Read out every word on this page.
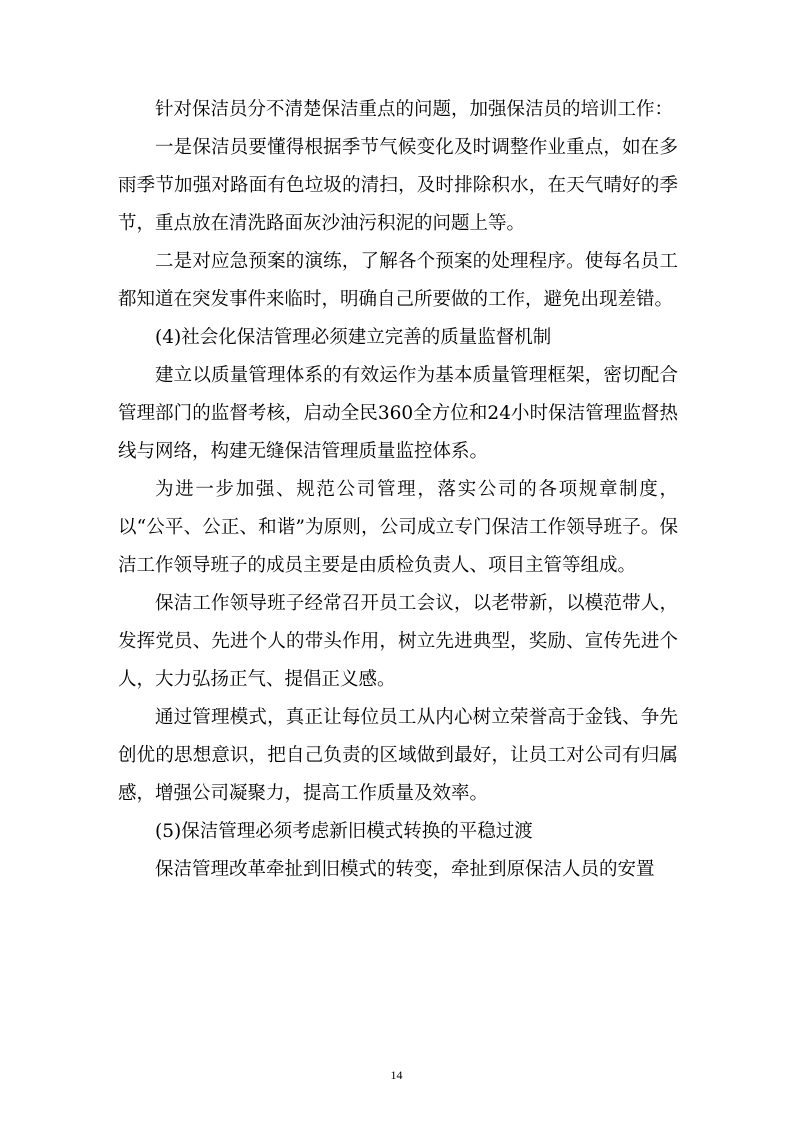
针对保洁员分不清楚保洁重点的问题，加强保洁员的培训工作：

一是保洁员要懂得根据季节气候变化及时调整作业重点，如在多雨季节加强对路面有色垃圾的清扫，及时排除积水，在天气晴好的季节，重点放在清洗路面灰沙油污积泥的问题上等。

二是对应急预案的演练，了解各个预案的处理程序。使每名员工都知道在突发事件来临时，明确自己所要做的工作，避免出现差错。

(4)社会化保洁管理必须建立完善的质量监督机制

建立以质量管理体系的有效运作为基本质量管理框架，密切配合管理部门的监督考核，启动全民360全方位和24小时保洁管理监督热线与网络，构建无缝保洁管理质量监控体系。

为进一步加强、规范公司管理，落实公司的各项规章制度，以“公平、公正、和谐”为原则，公司成立专门保洁工作领导班子。保洁工作领导班子的成员主要是由质检负责人、项目主管等组成。

保洁工作领导班子经常召开员工会议，以老带新，以模范带人，发挥党员、先进个人的带头作用，树立先进典型，奖励、宣传先进个人，大力弘扬正气、提倡正义感。

通过管理模式，真正让每位员工从内心树立荣誉高于金钱、争先创优的思想意识，把自己负责的区域做到最好，让员工对公司有归属感，增强公司凝聚力，提高工作质量及效率。

(5)保洁管理必须考虑新旧模式转换的平稳过渡

保洁管理改革牵扯到旧模式的转变，牵扯到原保洁人员的安置

14
